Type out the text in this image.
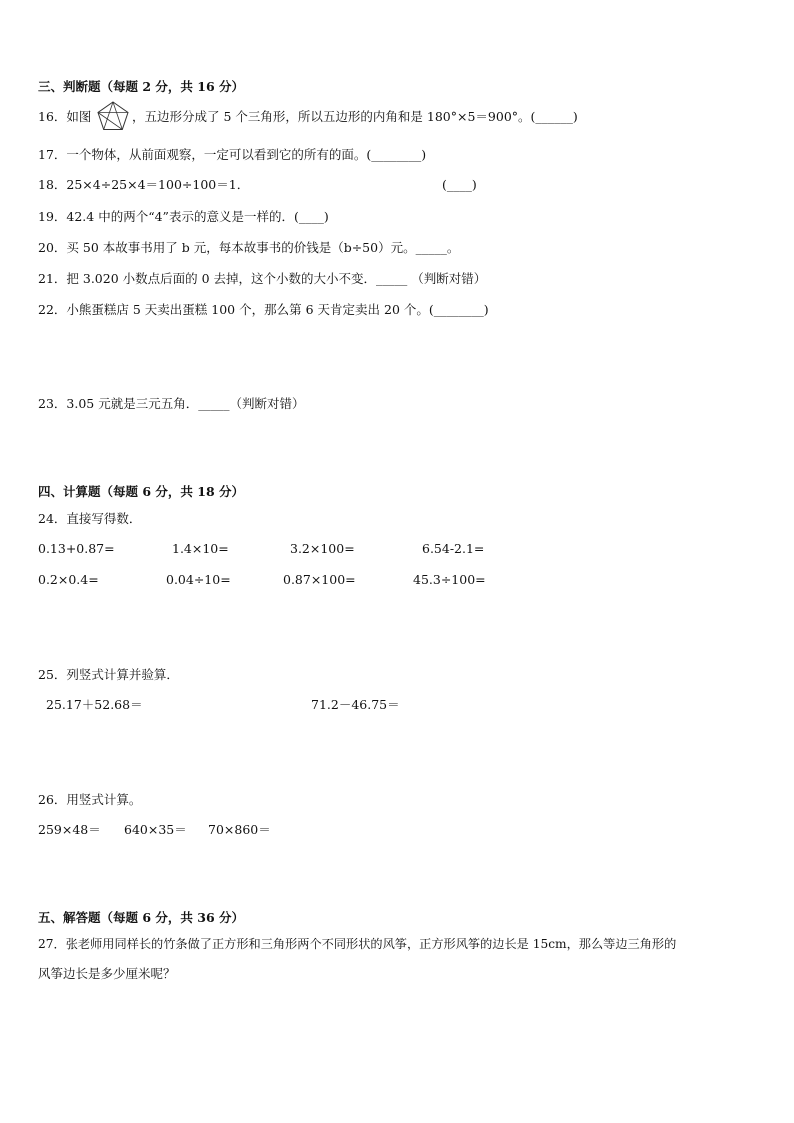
三、判断题（每题 2 分，共 16 分）
16．如图	，五边形分成了 5 个三角形，所以五边形的内角和是 180°×5＝900°。(______)
17．一个物体，从前面观察，一定可以看到它的所有的面。(________)
18．25×4÷25×4＝100÷100＝1．	(____)
19．42.4 中的两个“4”表示的意义是一样的．(____)
20．买 50 本故事书用了 b 元，每本故事书的价钱是（b÷50）元。_____。
21．把 3.020 小数点后面的 0 去掉，这个小数的大小不变．_____ （判断对错）
22．小熊蛋糕店 5 天卖出蛋糕 100 个，那么第 6 天肯定卖出 20 个。(________)
23．3.05 元就是三元五角．_____（判断对错）
四、计算题（每题 6 分，共 18 分）
24．直接写得数．
0.13+0.87=	1.4×10=	3.2×100=	6.54-2.1=
0.2×0.4=	0.04÷10=	0.87×100=	45.3÷100=
25．列竖式计算并验算．
25.17＋52.68＝	71.2－46.75＝
26．用竖式计算。
259×48＝ 640×35＝ 70×860＝
五、解答题（每题 6 分，共 36 分）
27．张老师用同样长的竹条做了正方形和三角形两个不同形状的风筝，正方形风筝的边长是 15cm，那么等边三角形的
风筝边长是多少厘米呢？
